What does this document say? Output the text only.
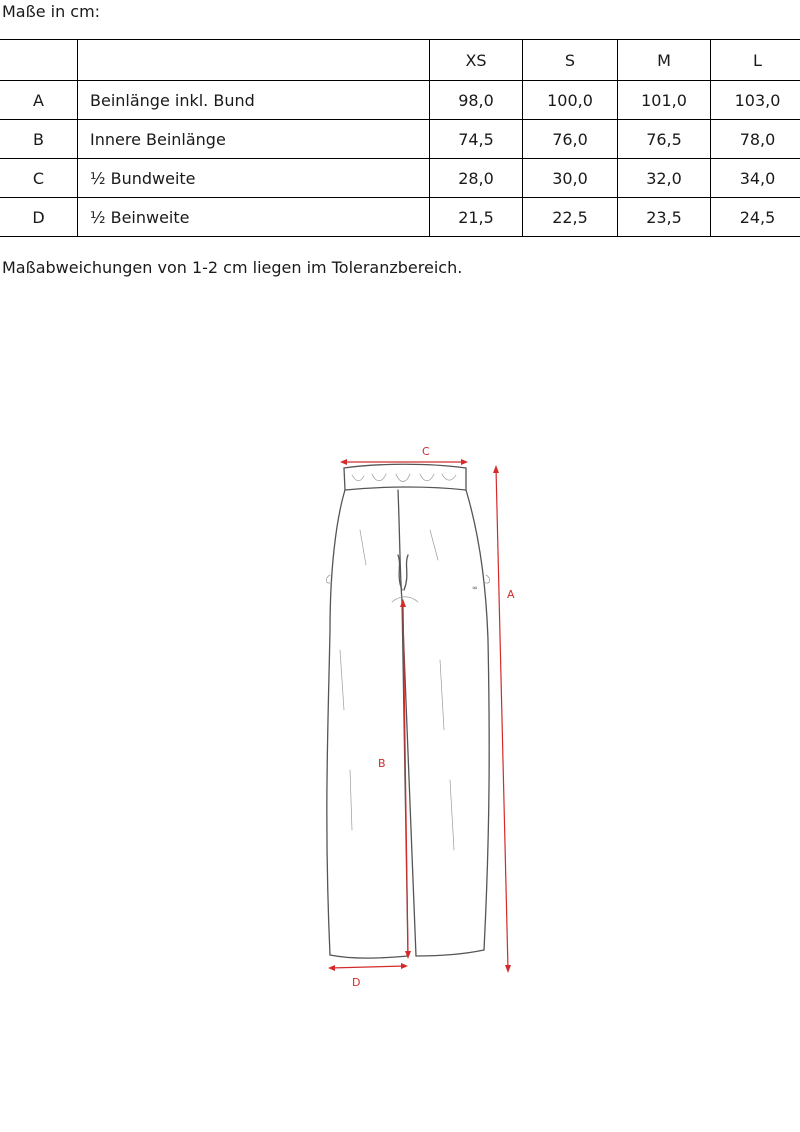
Maße in cm:
		XS	S	M	L
A	Beinlänge inkl. Bund	98,0	100,0	101,0	103,0
B	Innere Beinlänge	74,5	76,0	76,5	78,0
C	½ Bundweite	28,0	30,0	32,0	34,0
D	½ Beinweite	21,5	22,5	23,5	24,5

Maßabweichungen von 1-2 cm liegen im Toleranzbereich.

∞
C
A
B
D
